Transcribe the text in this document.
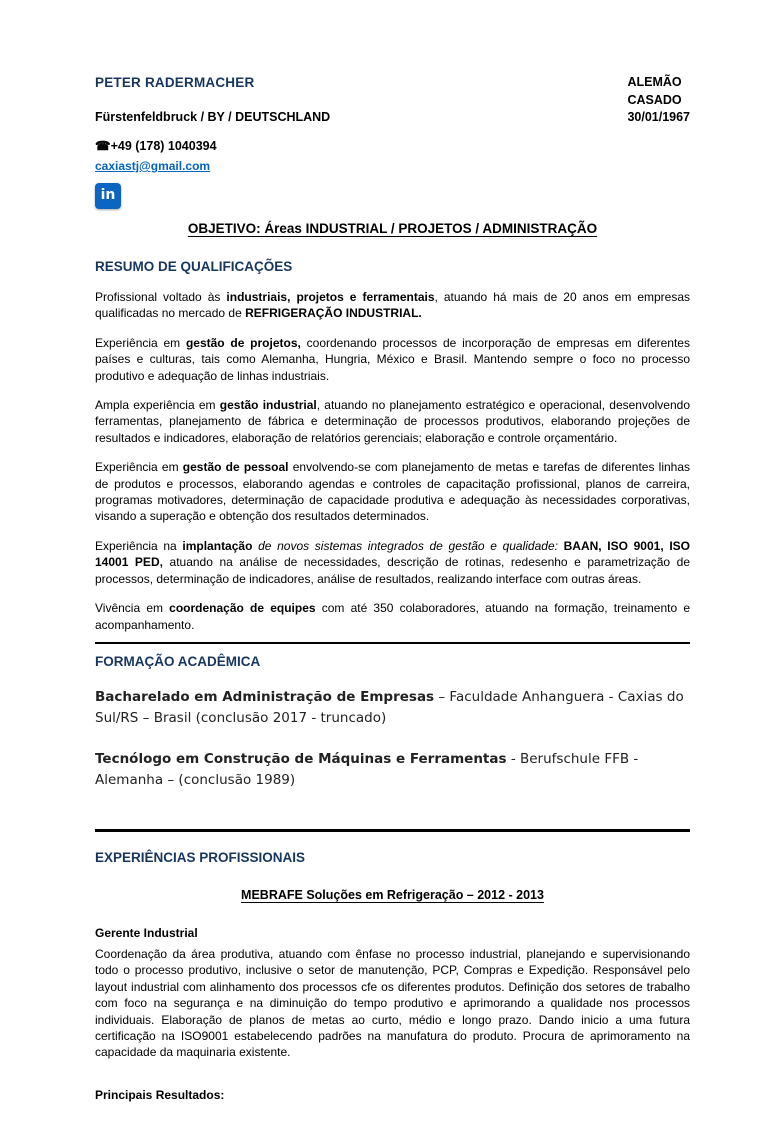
PETER RADERMACHER

Fürstenfeldbruck / BY / DEUTSCHLAND
ALEMÃO
CASADO
30/01/1967
☎+49 (178) 1040394
caxiastj@gmail.com
in
OBJETIVO: Áreas INDUSTRIAL / PROJETOS / ADMINISTRAÇÃO
RESUMO DE QUALIFICAÇÕES

Profissional voltado às industriais, projetos e ferramentais, atuando há mais de 20 anos em empresas qualificadas no mercado de REFRIGERAÇÃO INDUSTRIAL.

Experiência em gestão de projetos, coordenando processos de incorporação de empresas em diferentes países e culturas, tais como Alemanha, Hungria, México e Brasil. Mantendo sempre o foco no processo produtivo e adequação de linhas industriais.

Ampla experiência em gestão industrial, atuando no planejamento estratégico e operacional, desenvolvendo ferramentas, planejamento de fábrica e determinação de processos produtivos, elaborando projeções de resultados e indicadores, elaboração de relatórios gerenciais; elaboração e controle orçamentário.

Experiência em gestão de pessoal envolvendo-se com planejamento de metas e tarefas de diferentes linhas de produtos e processos, elaborando agendas e controles de capacitação profissional, planos de carreira, programas motivadores, determinação de capacidade produtiva e adequação às necessidades corporativas, visando a superação e obtenção dos resultados determinados.

Experiência na implantação de novos sistemas integrados de gestão e qualidade: BAAN, ISO 9001, ISO 14001 PED, atuando na análise de necessidades, descrição de rotinas, redesenho e parametrização de processos, determinação de indicadores, análise de resultados, realizando interface com outras áreas.

Vivência em coordenação de equipes com até 350 colaboradores, atuando na formação, treinamento e acompanhamento.

FORMAÇÃO ACADÊMICA

Bacharelado em Administração de Empresas – Faculdade Anhanguera - Caxias do Sul/RS – Brasil (conclusão 2017 - truncado)

Tecnólogo em Construção de Máquinas e Ferramentas - Berufschule FFB - Alemanha – (conclusão 1989)

EXPERIÊNCIAS PROFISSIONAIS
MEBRAFE Soluções em Refrigeração – 2012 - 2013
Gerente Industrial

Coordenação da área produtiva, atuando com ênfase no processo industrial, planejando e supervisionando todo o processo produtivo, inclusive o setor de manutenção, PCP, Compras e Expedição. Responsável pelo layout industrial com alinhamento dos processos cfe os diferentes produtos. Definição dos setores de trabalho com foco na segurança e na diminuição do tempo produtivo e aprimorando a qualidade nos processos individuais. Elaboração de planos de metas ao curto, médio e longo prazo. Dando inicio a uma futura certificação na ISO9001 estabelecendo padrões na manufatura do produto. Procura de aprimoramento na capacidade da maquinaria existente.

Principais Resultados:
